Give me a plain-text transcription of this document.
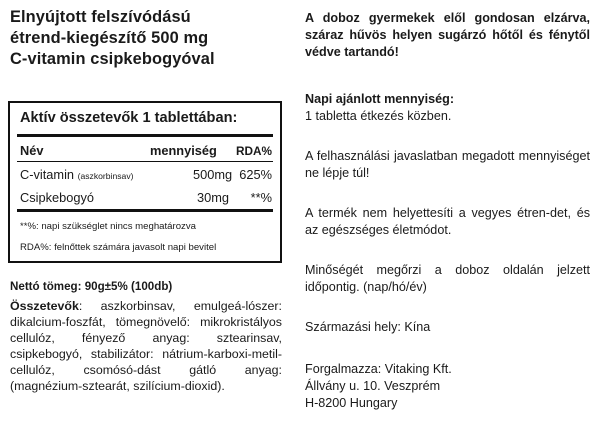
Elnyújtott felszívódású
étrend-kiegészítő 500 mg
C-vitamin csipkebogyóval
Aktív összetevők 1 tablettában:
Név	mennyiség RDA%
C-vitamin (aszkorbinsav)	500mg 625%
Csipkebogyó	30mg **%
**%: napi szükséglet nincs meghatározva
RDA%: felnőttek számára javasolt napi bevitel
Nettó tömeg: 90g±5% (100db)
Összetevők: aszkorbinsav, emulgeá-lószer: dikalcium-foszfát, tömegnövelő: mikrokristályos cellulóz, fényező anyag: sztearinsav, csipkebogyó, stabilizátor: nátrium-karboxi-metil-cellulóz, csomósó-dást gátló anyag: (magnézium-sztearát, szilícium-dioxid).
A doboz gyermekek elől gondosan elzárva, száraz hűvös helyen sugárzó hőtől és fénytől védve tartandó!
Napi ajánlott mennyiség:
1 tabletta étkezés közben.
A felhasználási javaslatban megadott mennyiséget ne lépje túl!
A termék nem helyettesíti a vegyes étren-det, és az egészséges életmódot.
Minőségét megőrzi a doboz oldalán jelzett időpontig. (nap/hó/év)
Származási hely: Kína
Forgalmazza: Vitaking Kft.
Állvány u. 10. Veszprém
H-8200 Hungary
